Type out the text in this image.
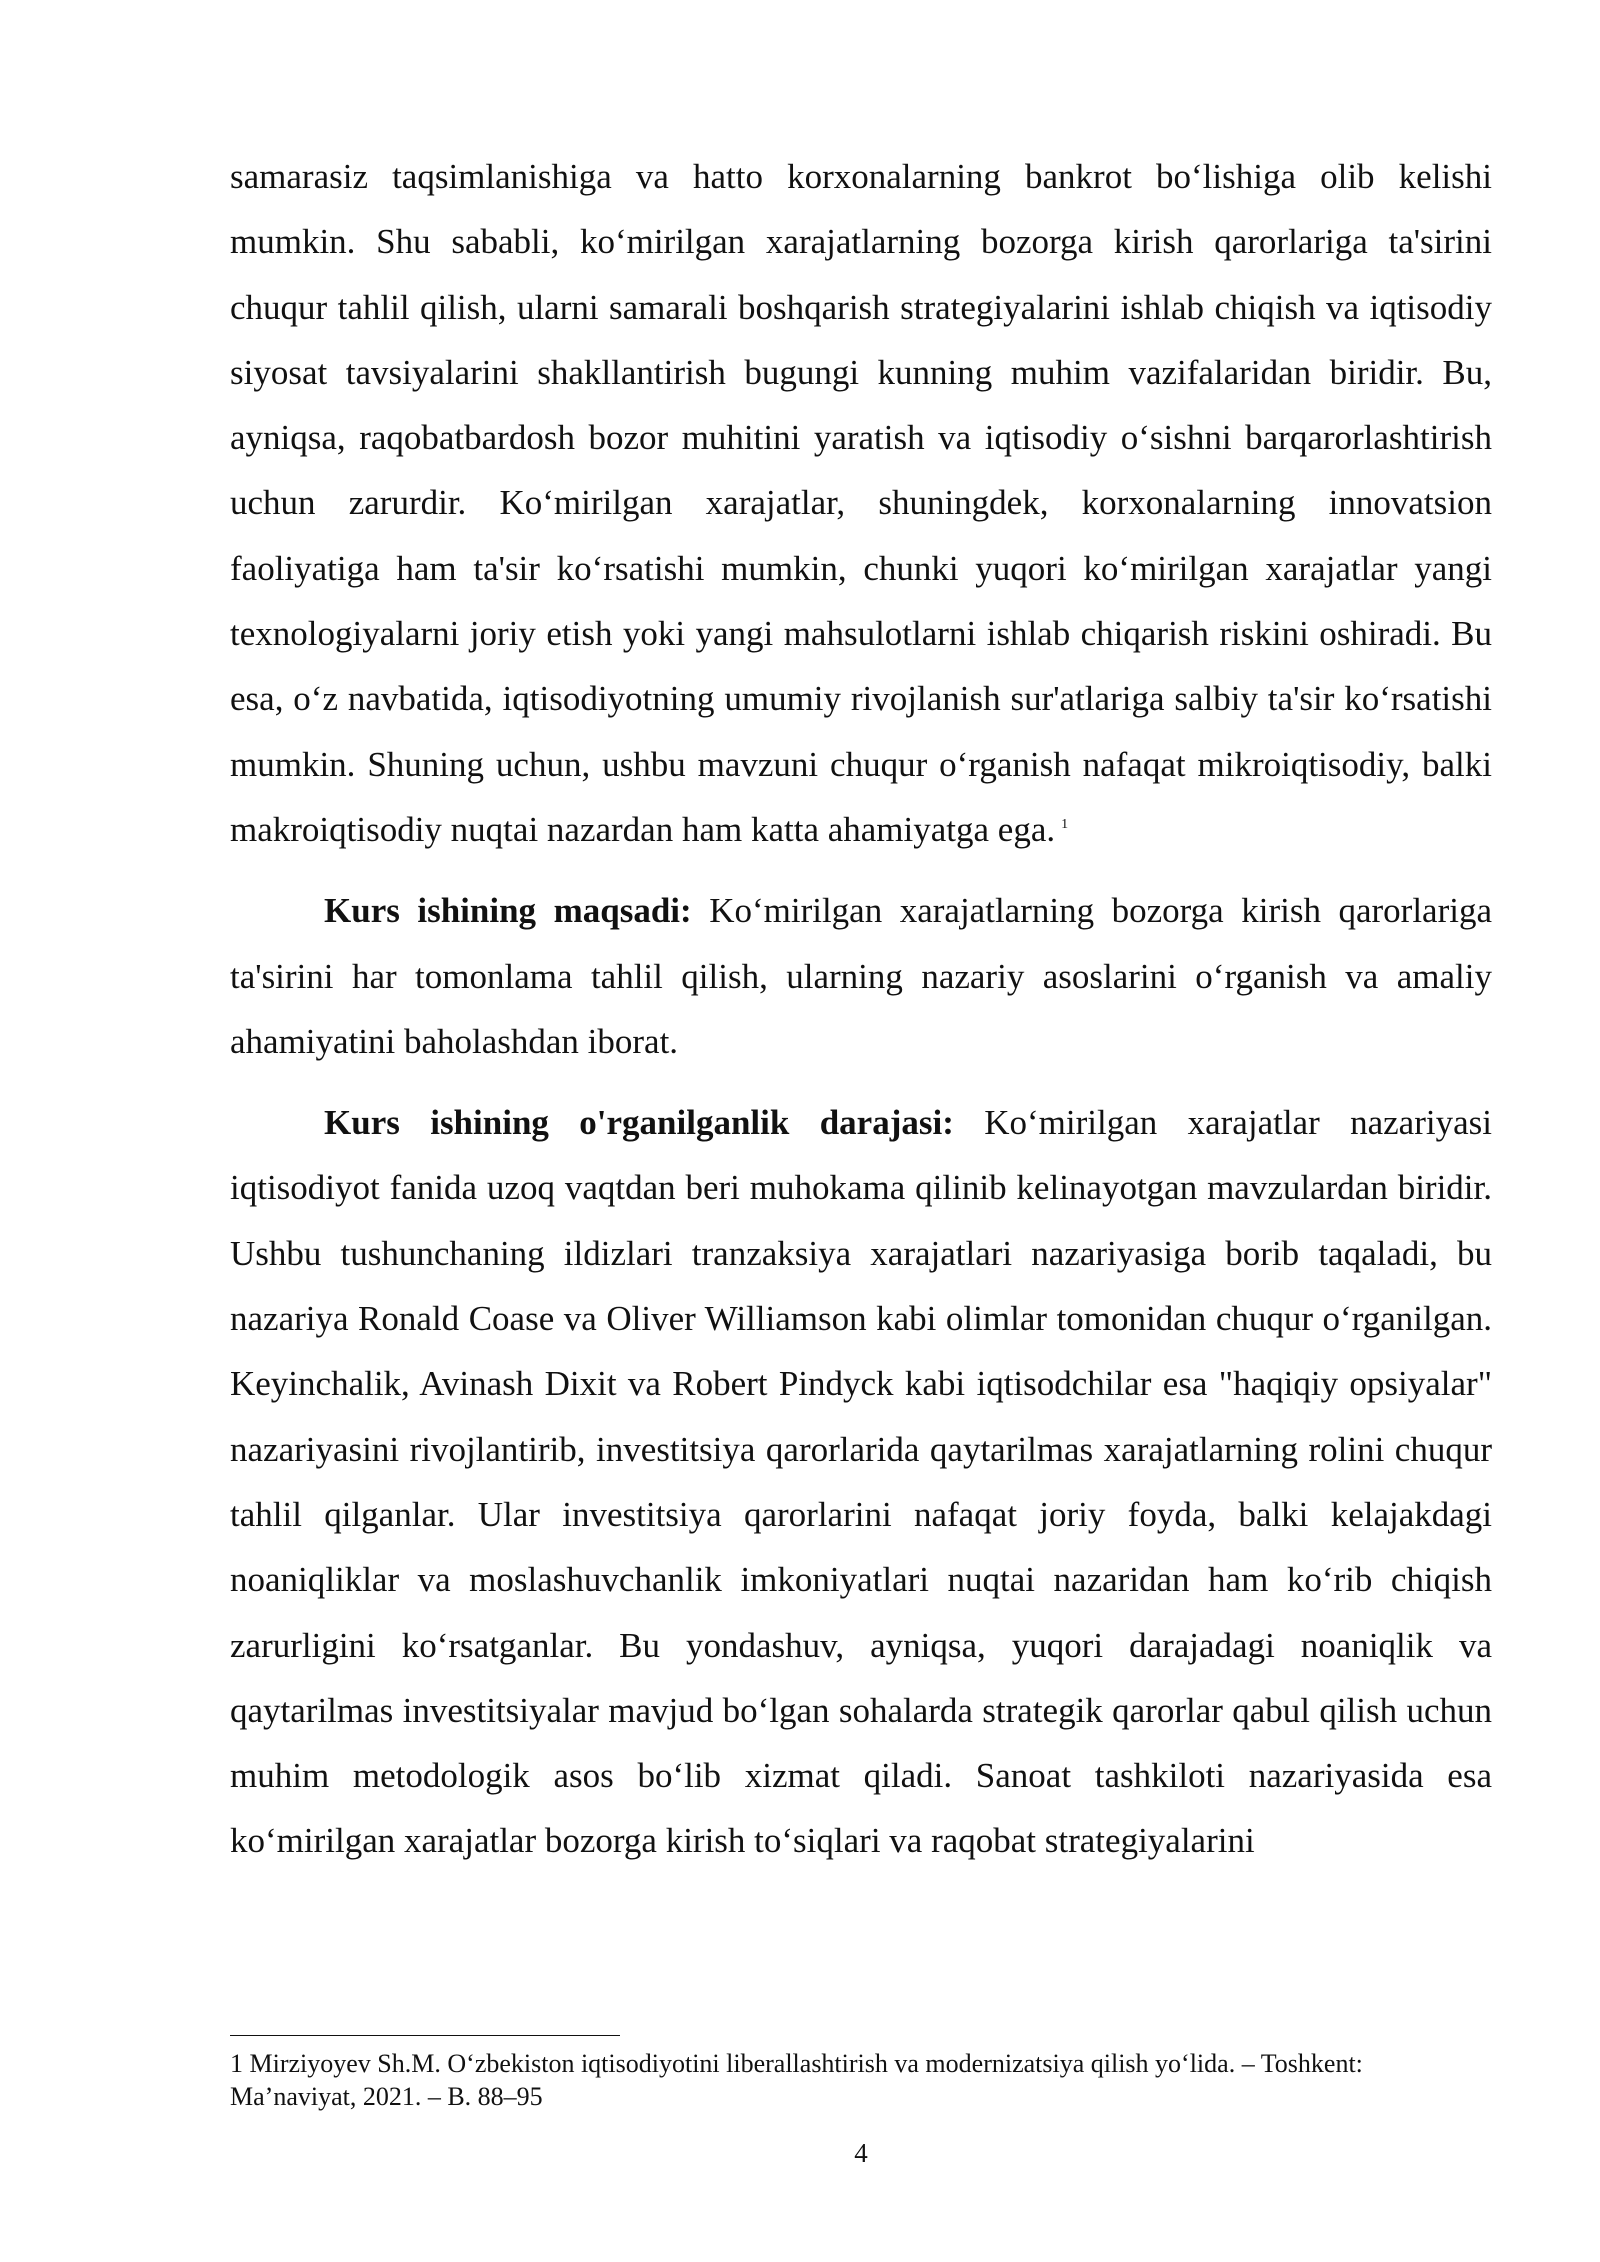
samarasiz taqsimlanishiga va hatto korxonalarning bankrot bo‘lishiga olib kelishi mumkin. Shu sababli, ko‘mirilgan xarajatlarning bozorga kirish qarorlariga ta'sirini chuqur tahlil qilish, ularni samarali boshqarish strategiyalarini ishlab chiqish va iqtisodiy siyosat tavsiyalarini shakllantirish bugungi kunning muhim vazifalaridan biridir. Bu, ayniqsa, raqobatbardosh bozor muhitini yaratish va iqtisodiy o‘sishni barqarorlashtirish uchun zarurdir. Ko‘mirilgan xarajatlar, shuningdek, korxonalarning innovatsion faoliyatiga ham ta'sir ko‘rsatishi mumkin, chunki yuqori ko‘mirilgan xarajatlar yangi texnologiyalarni joriy etish yoki yangi mahsulotlarni ishlab chiqarish riskini oshiradi. Bu esa, o‘z navbatida, iqtisodiyotning umumiy rivojlanish sur'atlariga salbiy ta'sir ko‘rsatishi mumkin. Shuning uchun, ushbu mavzuni chuqur o‘rganish nafaqat mikroiqtisodiy, balki makroiqtisodiy nuqtai nazardan ham katta ahamiyatga ega. $^1$

Kurs ishining maqsadi: Ko‘mirilgan xarajatlarning bozorga kirish qarorlariga ta'sirini har tomonlama tahlil qilish, ularning nazariy asoslarini o‘rganish va amaliy ahamiyatini baholashdan iborat.

Kurs ishining o'rganilganlik darajasi: Ko‘mirilgan xarajatlar nazariyasi iqtisodiyot fanida uzoq vaqtdan beri muhokama qilinib kelinayotgan mavzulardan biridir. Ushbu tushunchaning ildizlari tranzaksiya xarajatlari nazariyasiga borib taqaladi, bu nazariya Ronald Coase va Oliver Williamson kabi olimlar tomonidan chuqur o‘rganilgan. Keyinchalik, Avinash Dixit va Robert Pindyck kabi iqtisodchilar esa "haqiqiy opsiyalar" nazariyasini rivojlantirib, investitsiya qarorlarida qaytarilmas xarajatlarning rolini chuqur tahlil qilganlar. Ular investitsiya qarorlarini nafaqat joriy foyda, balki kelajakdagi noaniqliklar va moslashuvchanlik imkoniyatlari nuqtai nazaridan ham ko‘rib chiqish zarurligini ko‘rsatganlar. Bu yondashuv, ayniqsa, yuqori darajadagi noaniqlik va qaytarilmas investitsiyalar mavjud bo‘lgan sohalarda strategik qarorlar qabul qilish uchun muhim metodologik asos bo‘lib xizmat qiladi. Sanoat tashkiloti nazariyasida esa ko‘mirilgan xarajatlar bozorga kirish to‘siqlari va raqobat strategiyalarini

1 Mirziyoyev Sh.M. O‘zbekiston iqtisodiyotini liberallashtirish va modernizatsiya qilish yo‘lida. – Toshkent: Ma’naviyat, 2021. – B. 88–95
4
